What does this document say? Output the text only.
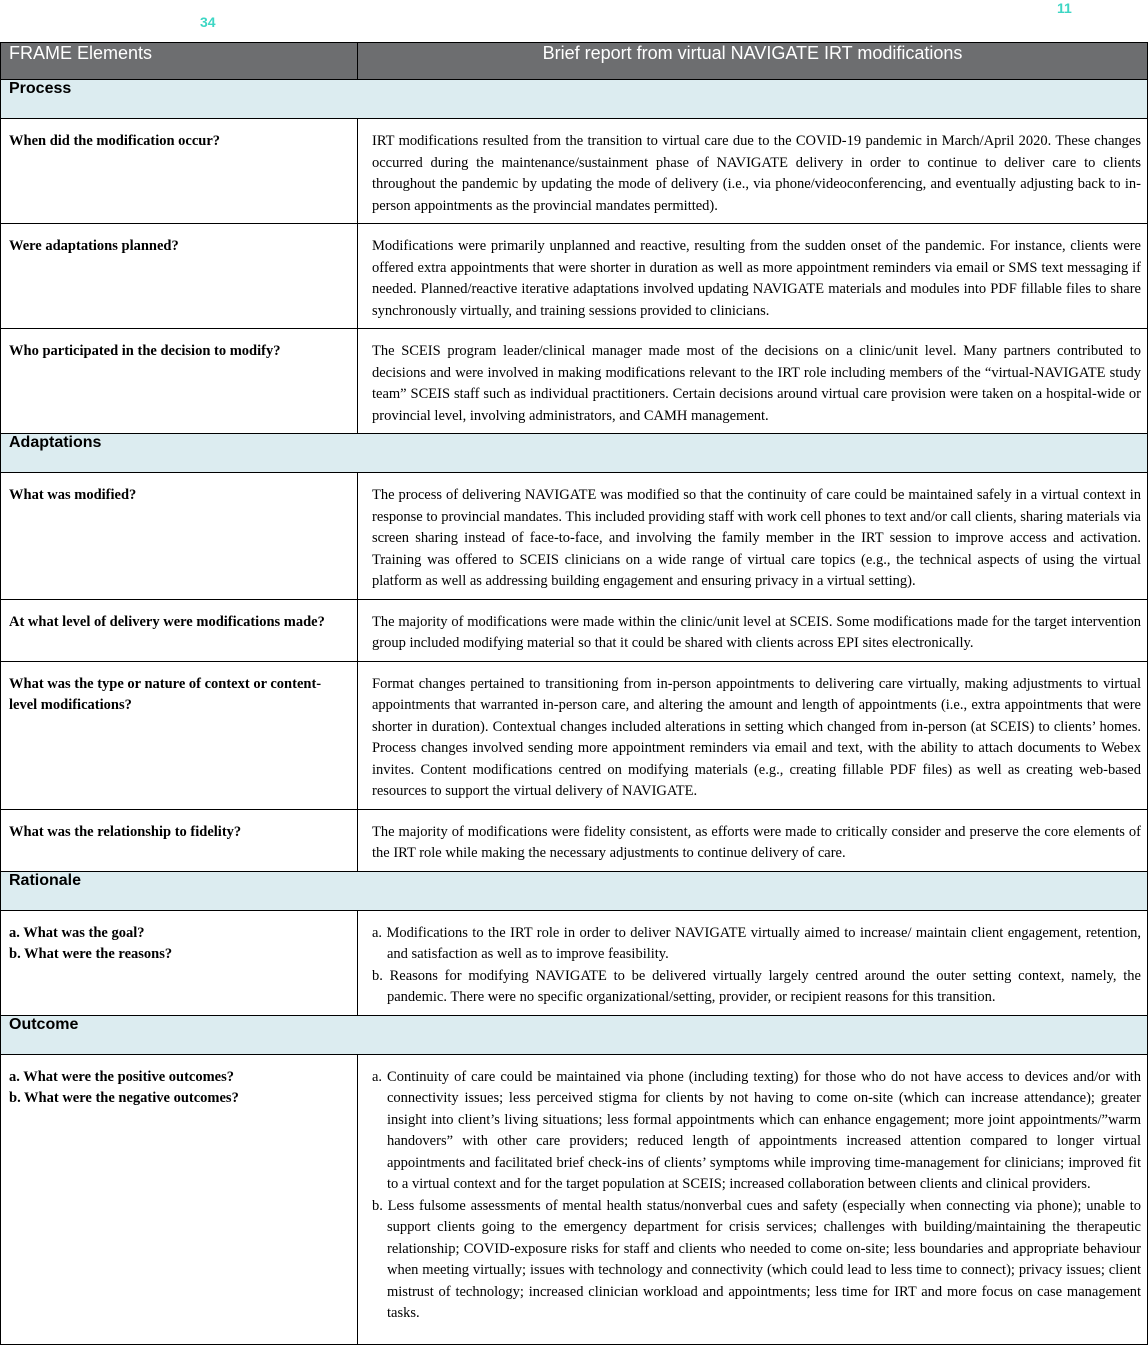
34
11
FRAME Elements	Brief report from virtual NAVIGATE IRT modifications
Process	
When did the modification occur?	IRT modifications resulted from the transition to virtual care due to the COVID-19 pandemic in March/April 2020. These changes occurred during the maintenance/sustainment phase of NAVIGATE delivery in order to continue to deliver care to clients throughout the pandemic by updating the mode of delivery (i.e., via phone/videoconferencing, and eventually adjusting back to in-person appointments as the provincial mandates permitted).
Were adaptations planned?	Modifications were primarily unplanned and reactive, resulting from the sudden onset of the pandemic. For instance, clients were offered extra appointments that were shorter in duration as well as more appointment reminders via email or SMS text messaging if needed. Planned/reactive iterative adaptations involved updating NAVIGATE materials and modules into PDF fillable files to share synchronously virtually, and training sessions provided to clinicians.
Who participated in the decision to modify?	The SCEIS program leader/clinical manager made most of the decisions on a clinic/unit level. Many partners contributed to decisions and were involved in making modifications relevant to the IRT role including members of the “virtual-NAVIGATE study team” SCEIS staff such as individual practitioners. Certain decisions around virtual care provision were taken on a hospital-wide or provincial level, involving administrators, and CAMH management.
Adaptations	
What was modified?	The process of delivering NAVIGATE was modified so that the continuity of care could be maintained safely in a virtual context in response to provincial mandates. This included providing staff with work cell phones to text and/or call clients, sharing materials via screen sharing instead of face-to-face, and involving the family member in the IRT session to improve access and activation. Training was offered to SCEIS clinicians on a wide range of virtual care topics (e.g., the technical aspects of using the virtual platform as well as addressing building engagement and ensuring privacy in a virtual setting).
At what level of delivery were modifications made?	The majority of modifications were made within the clinic/unit level at SCEIS. Some modifications made for the target intervention group included modifying material so that it could be shared with clients across EPI sites electronically.
What was the type or nature of context or content-level modifications?	Format changes pertained to transitioning from in-person appointments to delivering care virtually, making adjustments to virtual appointments that warranted in-person care, and altering the amount and length of appointments (i.e., extra appointments that were shorter in duration). Contextual changes included alterations in setting which changed from in-person (at SCEIS) to clients’ homes. Process changes involved sending more appointment reminders via email and text, with the ability to attach documents to Webex invites. Content modifications centred on modifying materials (e.g., creating fillable PDF files) as well as creating web-based resources to support the virtual delivery of NAVIGATE.
What was the relationship to fidelity?	The majority of modifications were fidelity consistent, as efforts were made to critically consider and preserve the core elements of the IRT role while making the necessary adjustments to continue delivery of care.
Rationale	

a. What was the goal?
b. What were the reasons?	a. Modifications to the IRT role in order to deliver NAVIGATE virtually aimed to increase/ maintain client engagement, retention, and satisfaction as well as to improve feasibility.
b. Reasons for modifying NAVIGATE to be delivered virtually largely centred around the outer setting context, namely, the pandemic. There were no specific organizational/setting, provider, or recipient reasons for this transition.

Outcome	

a. What were the positive outcomes?
b. What were the negative outcomes?	a. Continuity of care could be maintained via phone (including texting) for those who do not have access to devices and/or with connectivity issues; less perceived stigma for clients by not having to come on-site (which can increase attendance); greater insight into client’s living situations; less formal appointments which can enhance engagement; more joint appointments/”warm handovers” with other care providers; reduced length of appointments increased attention compared to longer virtual appointments and facilitated brief check-ins of clients’ symptoms while improving time-management for clinicians; improved fit to a virtual context and for the target population at SCEIS; increased collaboration between clients and clinical providers.
b. Less fulsome assessments of mental health status/nonverbal cues and safety (especially when connecting via phone); unable to support clients going to the emergency department for crisis services; challenges with building/maintaining the therapeutic relationship; COVID-exposure risks for staff and clients who needed to come on-site; less boundaries and appropriate behaviour when meeting virtually; issues with technology and connectivity (which could lead to less time to connect); privacy issues; client mistrust of technology; increased clinician workload and appointments; less time for IRT and more focus on case management tasks.
